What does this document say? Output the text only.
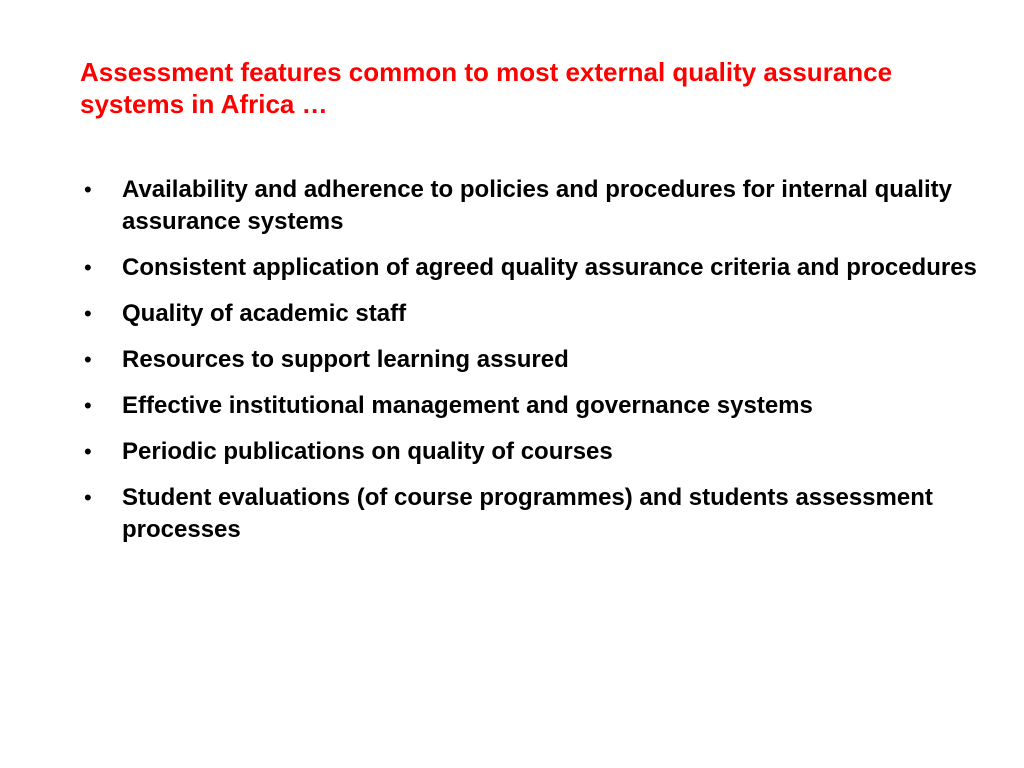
Assessment features common to most external quality assurance systems in Africa …
• Availability and adherence to policies and procedures for internal quality assurance systems
• Consistent application of agreed quality assurance criteria and procedures
• Quality of academic staff
• Resources to support learning assured
• Effective institutional management and governance systems
• Periodic publications on quality of courses
• Student evaluations (of course programmes) and students assessment processes
